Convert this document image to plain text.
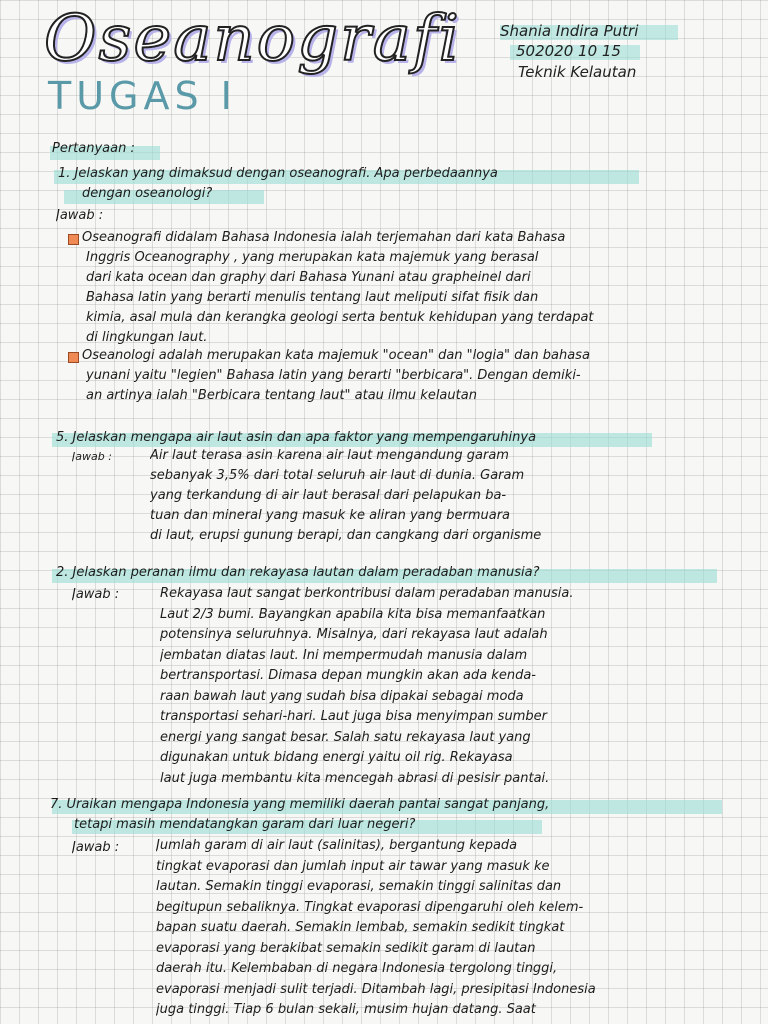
Oseanografi
TUGAS I
Shania Indira Putri
502020 10 15
Teknik Kelautan
Pertanyaan :
1. Jelaskan yang dimaksud dengan oseanografi. Apa perbedaannya
dengan oseanologi?
Jawab :
Oseanografi didalam Bahasa Indonesia ialah terjemahan dari kata Bahasa
Inggris Oceanography , yang merupakan kata majemuk yang berasal
dari kata ocean dan graphy dari Bahasa Yunani atau grapheinel dari
Bahasa latin yang berarti menulis tentang laut meliputi sifat fisik dan
kimia, asal mula dan kerangka geologi serta bentuk kehidupan yang terdapat
di lingkungan laut.
Oseanologi adalah merupakan kata majemuk "ocean" dan "logia" dan bahasa
yunani yaitu "legien" Bahasa latin yang berarti "berbicara". Dengan demiki-
an artinya ialah "Berbicara tentang laut" atau ilmu kelautan
5. Jelaskan mengapa air laut asin dan apa faktor yang mempengaruhinya
Jawab :	Air laut terasa asin karena air laut mengandung garam
sebanyak 3,5% dari total seluruh air laut di dunia. Garam
yang terkandung di air laut berasal dari pelapukan ba-
tuan dan mineral yang masuk ke aliran yang bermuara
di laut, erupsi gunung berapi, dan cangkang dari organisme
2. Jelaskan peranan ilmu dan rekayasa lautan dalam peradaban manusia?
Jawab :	Rekayasa laut sangat berkontribusi dalam peradaban manusia.
Laut 2/3 bumi. Bayangkan apabila kita bisa memanfaatkan
potensinya seluruhnya. Misalnya, dari rekayasa laut adalah
jembatan diatas laut. Ini mempermudah manusia dalam
bertransportasi. Dimasa depan mungkin akan ada kenda-
raan bawah laut yang sudah bisa dipakai sebagai moda
transportasi sehari-hari. Laut juga bisa menyimpan sumber
energi yang sangat besar. Salah satu rekayasa laut yang
digunakan untuk bidang energi yaitu oil rig. Rekayasa
laut juga membantu kita mencegah abrasi di pesisir pantai.
7. Uraikan mengapa Indonesia yang memiliki daerah pantai sangat panjang,
tetapi masih mendatangkan garam dari luar negeri?
Jawab :	Jumlah garam di air laut (salinitas), bergantung kepada
tingkat evaporasi dan jumlah input air tawar yang masuk ke
lautan. Semakin tinggi evaporasi, semakin tinggi salinitas dan
begitupun sebaliknya. Tingkat evaporasi dipengaruhi oleh kelem-
bapan suatu daerah. Semakin lembab, semakin sedikit tingkat
evaporasi yang berakibat semakin sedikit garam di lautan
daerah itu. Kelembaban di negara Indonesia tergolong tinggi,
evaporasi menjadi sulit terjadi. Ditambah lagi, presipitasi Indonesia
juga tinggi. Tiap 6 bulan sekali, musim hujan datang. Saat
